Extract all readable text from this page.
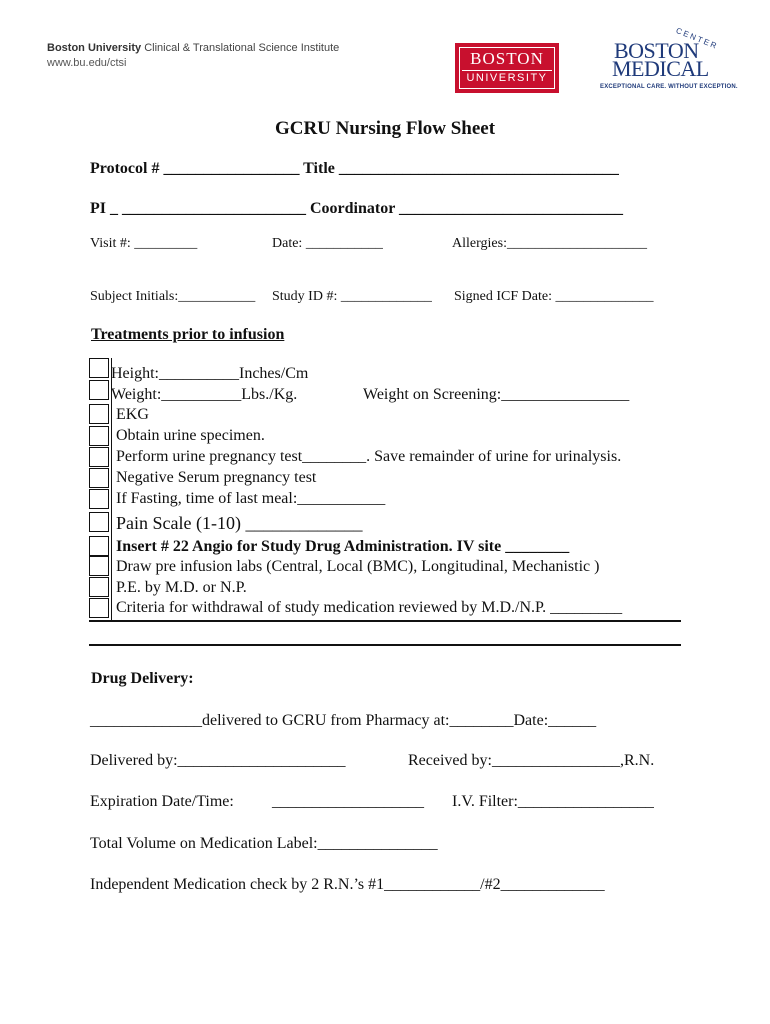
Boston University Clinical & Translational Science Institute
www.bu.edu/ctsi	BOSTON
UNIVERSITY
CENTER
BOSTON
MEDICAL
EXCEPTIONAL CARE. WITHOUT EXCEPTION.
GCRU Nursing Flow Sheet
Protocol # _________________ Title ___________________________________
PI _ _______________________ Coordinator ____________________________
Visit #: _________	Date: ___________	Allergies:____________________
Subject Initials:___________ Study ID #: _____________ Signed ICF Date: ______________
Treatments prior to infusion
Height:__________Inches/Cm
Weight:__________Lbs./Kg.	Weight on Screening:________________
EKG
Obtain urine specimen.
Perform urine pregnancy test________. Save remainder of urine for urinalysis.
Negative Serum pregnancy test
If Fasting, time of last meal:___________
Pain Scale (1-10) _____________
Insert # 22 Angio for Study Drug Administration. IV site ________
Draw pre infusion labs (Central, Local (BMC), Longitudinal, Mechanistic )
P.E. by M.D. or N.P.
Criteria for withdrawal of study medication reviewed by M.D./N.P. _________
Drug Delivery:
______________delivered to GCRU from Pharmacy at:________Date:______
Delivered by:_____________________	Received by:________________,R.N.
Expiration Date/Time: ___________________ I.V. Filter:_________________
Total Volume on Medication Label:_______________
Independent Medication check by 2 R.N.’s #1____________/#2_____________
